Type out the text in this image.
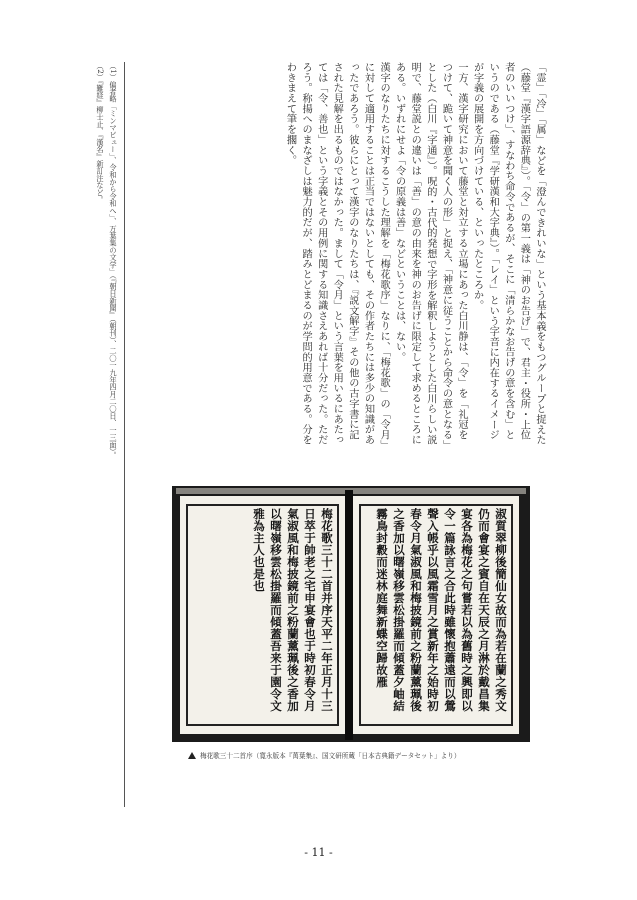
「霊」「冷」「属」などを「澄んできれいな」という基本義をもつグループと捉えた（藤堂『漢字語源辞典』）。「令」の第一義は「神のお告げ」で、君主・役所・上位者のいいつけ」、すなわち命令であるが、そこに「清らかなお告げの意を含む」というのである（藤堂『学研漢和大字典』）。「レイ」という字音に内在するイメージが字義の展開を方向づけている、といったところか。

一方、漢字研究において藤堂と対立する立場にあった白川静は、「令」を「礼冠をつけて、跪いて神意を聞く人の形」と捉え、「神意に従うことから命令の意となる」とした（白川『字通』）。呪的・古代的発想で字形を解釈しようとした白川らしい説明で、藤堂説との違いは「善」の意の由来を神のお告げに限定して求めるところにある。いずれにせよ「令の原義は善」などということは、ない。

漢字のなりたちに対するこうした理解を「梅花歌序」なりに、「梅花歌」の「令月」に対して適用することは正当ではないとしても、その作者たちには多少の知識があったであろう。彼らにとって漢字のなりたちは、『説文解字』その他の古字書に記された見解を出るものではなかった。まして「令月」という言葉を用いるにあたっては「令、善也」という字義とその用例に関する知識さえあれば十分だった。ただろう。称揚へのまなざしは魅力的だが、踏みとどまるのが学問的用意である。分をわきまえて筆を擱く。

（1）偏者略「ミンマビュー」、令和から令和へ」、万葉集の文学」（『朝日新聞』（朝刊）、二〇一九年四月二〇日、一三面）。

（2）『難経』柳士止、『漢名』新訂注など。

梅花歌三十二首并序天平二年正月十三日萃于帥老之宅申宴會也于時初春令月氣淑風和梅披鏡前之粉蘭薰珮後之香加以曙嶺移雲松掛羅而傾蓋吾来于園令文雅為主人也是也	淑質翠柳後簡仙女故而為若在蘭之秀文仍而會宴之賓自在天辰之月淋於戴昌集宴各為梅花之句嘗若以為舊時之興即以令一篇詠言之合此時雖懷抱蕭遠而以鶯聲入帳乎以風霜雪月之賞新年之始時初春令月氣淑風和梅披鏡前之粉蘭薰珮後之香加以曙嶺移雲松掛羅而傾蓋夕岫結霧鳥封縠而迷林庭舞新蝶空歸故雁

梅花歌三十二首序（寛永版本『萬葉集』、国文研所蔵「日本古典籍データセット」より）
- 11 -
